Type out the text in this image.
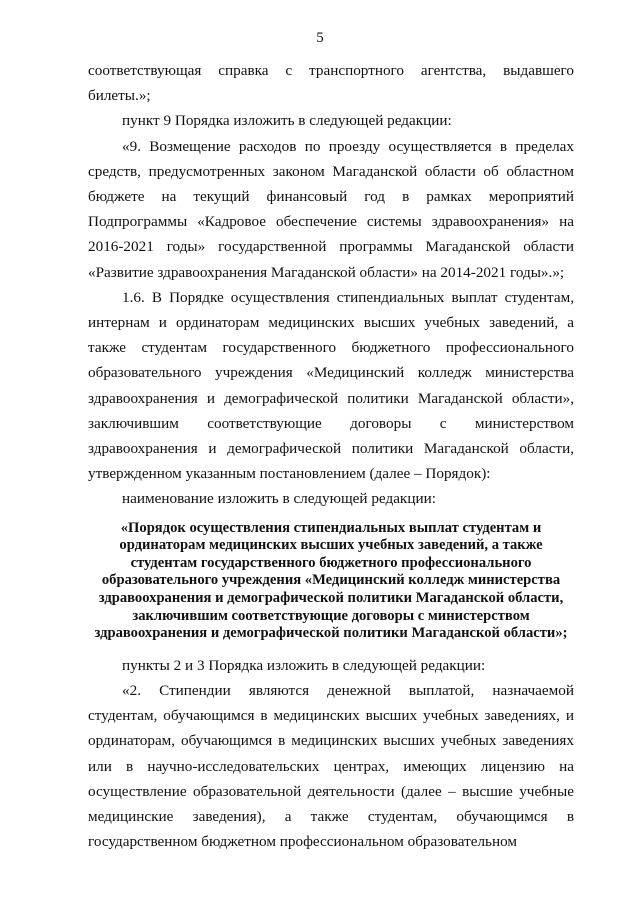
5

соответствующая справка с транспортного агентства, выдавшего билеты.»;

пункт 9 Порядка изложить в следующей редакции:

«9. Возмещение расходов по проезду осуществляется в пределах средств, предусмотренных законом Магаданской области об областном бюджете на текущий финансовый год в рамках мероприятий Подпрограммы «Кадровое обеспечение системы здравоохранения» на 2016-2021 годы» государственной программы Магаданской области «Развитие здравоохранения Магаданской области» на 2014-2021 годы».»;

1.6. В Порядке осуществления стипендиальных выплат студентам, интернам и ординаторам медицинских высших учебных заведений, а также студентам государственного бюджетного профессионального образовательного учреждения «Медицинский колледж министерства здравоохранения и демографической политики Магаданской области», заключившим соответствующие договоры с министерством здравоохранения и демографической политики Магаданской области, утвержденном указанным постановлением (далее – Порядок):

наименование изложить в следующей редакции:

«Порядок осуществления стипендиальных выплат студентам и ординаторам медицинских высших учебных заведений, а также студентам государственного бюджетного профессионального образовательного учреждения «Медицинский колледж министерства здравоохранения и демографической политики Магаданской области, заключившим соответствующие договоры с министерством здравоохранения и демографической политики Магаданской области»;

пункты 2 и 3 Порядка изложить в следующей редакции:

«2. Стипендии являются денежной выплатой, назначаемой студентам, обучающимся в медицинских высших учебных заведениях, и ординаторам, обучающимся в медицинских высших учебных заведениях или в научно-исследовательских центрах, имеющих лицензию на осуществление образовательной деятельности (далее – высшие учебные медицинские заведения), а также студентам, обучающимся в государственном бюджетном профессиональном образовательном
